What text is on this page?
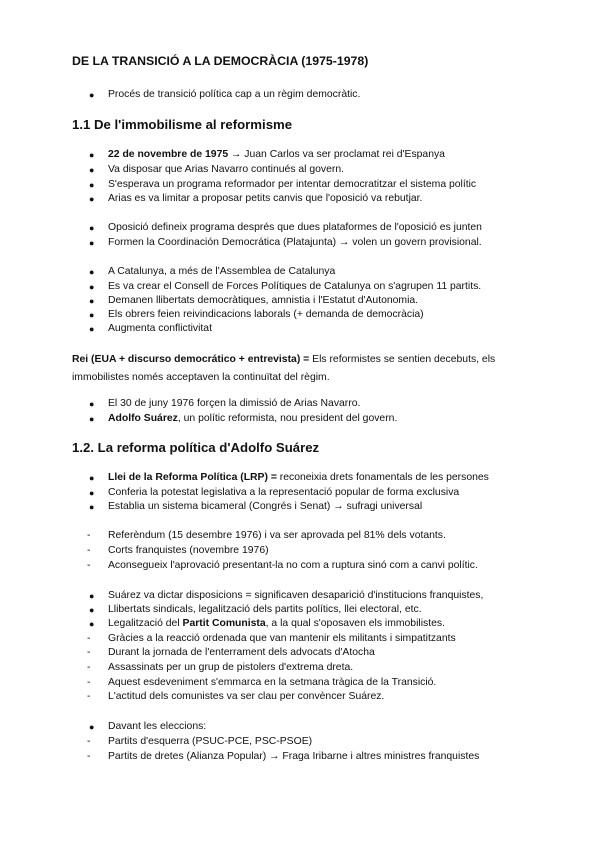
DE LA TRANSICIÓ A LA DEMOCRÀCIA (1975-1978)
● Procés de transició política cap a un règim democràtic.
1.1 De l'immobilisme al reformisme
● 22 de novembre de 1975 → Juan Carlos va ser proclamat rei d'Espanya
● Va disposar que Arias Navarro continués al govern.
● S'esperava un programa reformador per intentar democratitzar el sistema polític
● Arias es va limitar a proposar petits canvis que l'oposició va rebutjar.
● Oposició defineix programa després que dues plataformes de l'oposició es junten
● Formen la Coordinación Democrática (Platajunta) → volen un govern provisional.
● A Catalunya, a més de l'Assemblea de Catalunya
● Es va crear el Consell de Forces Polítiques de Catalunya on s'agrupen 11 partits.
● Demanen llibertats democràtiques, amnistia i l'Estatut d'Autonomia.
● Els obrers feien reivindicacions laborals (+ demanda de democràcia)
● Augmenta conflictivitat
Rei (EUA + discurso democrático + entrevista) = Els reformistes se sentien decebuts, els immobilistes només acceptaven la continuïtat del règim.
● El 30 de juny 1976 forçen la dimissió de Arias Navarro.
● Adolfo Suárez, un polític reformista, nou president del govern.
1.2. La reforma política d'Adolfo Suárez
● Llei de la Reforma Política (LRP) = reconeixia drets fonamentals de les persones
● Conferia la potestat legislativa a la representació popular de forma exclusiva
● Establia un sistema bicameral (Congrés i Senat) → sufragi universal
- Referèndum (15 desembre 1976) i va ser aprovada pel 81% dels votants.
- Corts franquistes (novembre 1976)
- Aconsegueix l'aprovació presentant-la no com a ruptura sinó com a canvi polític.
● Suárez va dictar disposicions = significaven desaparició d'institucions franquistes,
● Llibertats sindicals, legalització dels partits polítics, llei electoral, etc.
● Legalització del Partit Comunista, a la qual s'oposaven els immobilistes.
- Gràcies a la reacció ordenada que van mantenir els militants i simpatitzants
- Durant la jornada de l'enterrament dels advocats d'Atocha
- Assassinats per un grup de pistolers d'extrema dreta.
- Aquest esdeveniment s'emmarca en la setmana tràgica de la Transició.
- L'actitud dels comunistes va ser clau per convèncer Suárez.
● Davant les eleccions:
- Partits d'esquerra (PSUC-PCE, PSC-PSOE)
- Partits de dretes (Alianza Popular) → Fraga Iribarne i altres ministres franquistes
